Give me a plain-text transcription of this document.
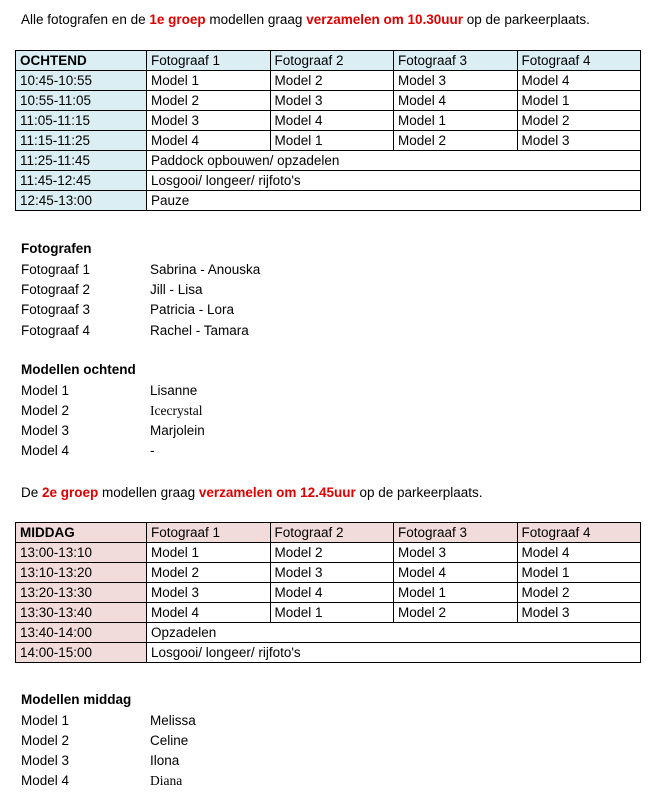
Alle fotografen en de 1e groep modellen graag verzamelen om 10.30uur op de parkeerplaats.
OCHTEND	Fotograaf 1	Fotograaf 2	Fotograaf 3	Fotograaf 4
10:45-10:55	Model 1	Model 2	Model 3	Model 4
10:55-11:05	Model 2	Model 3	Model 4	Model 1
11:05-11:15	Model 3	Model 4	Model 1	Model 2
11:15-11:25	Model 4	Model 1	Model 2	Model 3
11:25-11:45	Paddock opbouwen/ opzadelen			
11:45-12:45	Losgooi/ longeer/ rijfoto's			
12:45-13:00	Pauze			
Fotografen
Fotograaf 1	Sabrina - Anouska
Fotograaf 2	Jill - Lisa
Fotograaf 3	Patricia - Lora
Fotograaf 4	Rachel - Tamara
Modellen ochtend
Model 1	Lisanne
Model 2	Icecrystal
Model 3	Marjolein
Model 4	-
De 2e groep modellen graag verzamelen om 12.45uur op de parkeerplaats.
MIDDAG	Fotograaf 1	Fotograaf 2	Fotograaf 3	Fotograaf 4
13:00-13:10	Model 1	Model 2	Model 3	Model 4
13:10-13:20	Model 2	Model 3	Model 4	Model 1
13:20-13:30	Model 3	Model 4	Model 1	Model 2
13:30-13:40	Model 4	Model 1	Model 2	Model 3
13:40-14:00	Opzadelen			
14:00-15:00	Losgooi/ longeer/ rijfoto's			
Modellen middag
Model 1	Melissa
Model 2	Celine
Model 3	Ilona
Model 4	Diana
